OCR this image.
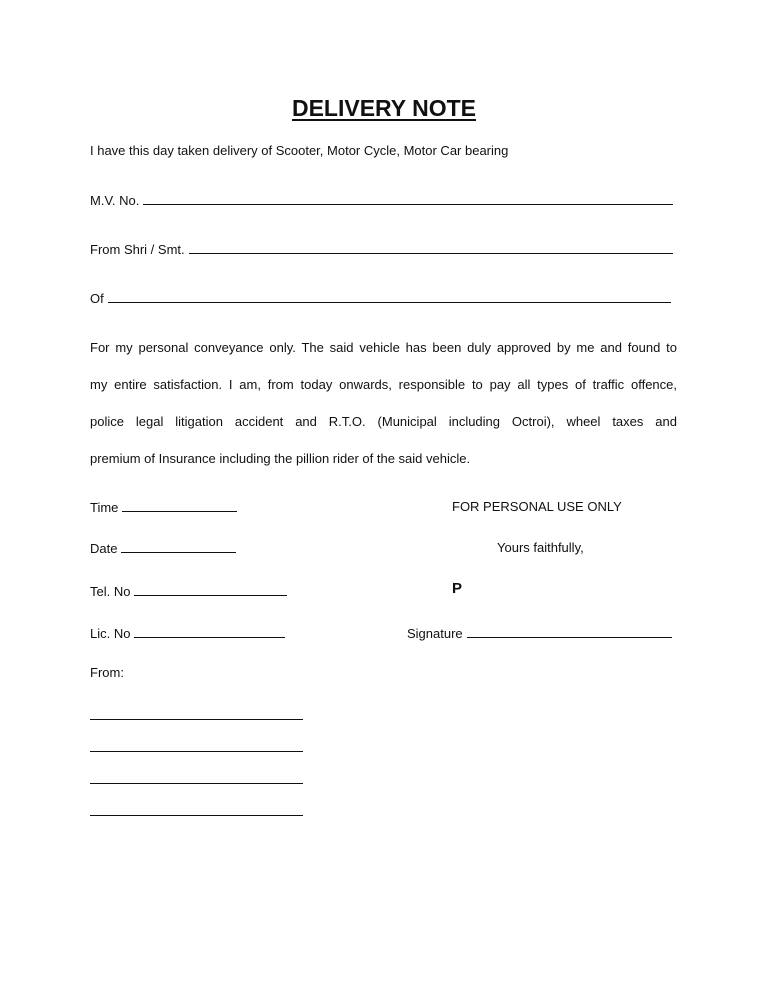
DELIVERY NOTE
I have this day taken delivery of Scooter, Motor Cycle, Motor Car bearing
M.V. No.
From Shri / Smt.
Of
For my personal conveyance only. The said vehicle has been duly approved by me and found to
my entire satisfaction. I am, from today onwards, responsible to pay all types of traffic offence,
police legal litigation accident and R.T.O. (Municipal including Octroi), wheel taxes and
premium of Insurance including the pillion rider of the said vehicle.
Time	FOR PERSONAL USE ONLY
Date	Yours faithfully,
Tel. No	P
Lic. No	Signature
From:
